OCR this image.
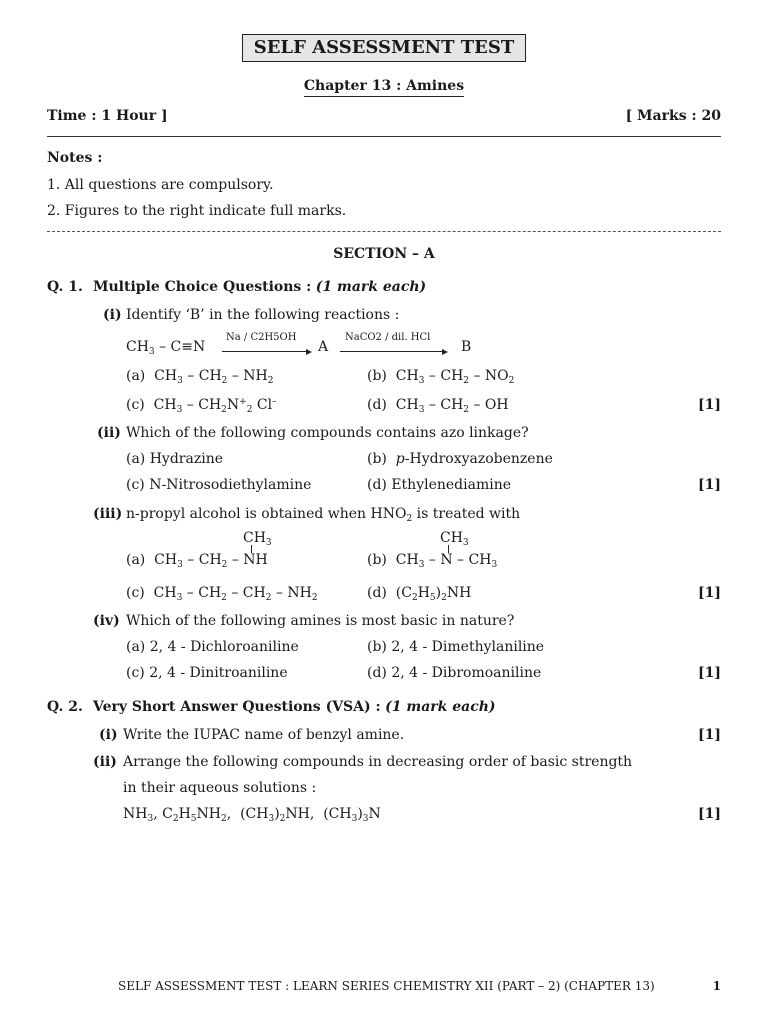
SELF ASSESSMENT TEST
Chapter 13 : Amines
Time : 1 Hour ]	[ Marks : 20
Notes :
1. All questions are compulsory.
2. Figures to the right indicate full marks.
SECTION – A
Q. 1. Multiple Choice Questions : (1 mark each)
(i) Identify ‘B’ in the following reactions :
$CH_3 - C\equiv N$
Na / C2H5OH
A
NaCO2 / dil. HCl
B
(a)  $CH_3 - CH_2 - NH_2$	(b)  $CH_3 - CH_2 - NO_2$
(c)  $CH_3 - CH_2N^+_2$ Cl–	(d)  $CH_3 - CH_2$ – OH	[1]
(ii) Which of the following compounds contains azo linkage?
(a) Hydrazine	(b)  p-Hydroxyazobenzene
(c) N-Nitrosodiethylamine	(d) Ethylenediamine	[1]
(iii) n-propyl alcohol is obtained when $HNO_2$ is treated with
$CH_3$
(a)  $CH_3 - CH_2$ – NH
$CH_3$
(b)  $CH_3$ – N – $CH_3$
(c)  $CH_3 - CH_2 - CH_2 - NH_2$	(d)  $(C_2H_5)_2NH$	[1]
(iv) Which of the following amines is most basic in nature?
(a) 2, 4 - Dichloroaniline	(b) 2, 4 - Dimethylaniline
(c) 2, 4 - Dinitroaniline	(d) 2, 4 - Dibromoaniline	[1]
Q. 2. Very Short Answer Questions (VSA) : (1 mark each)
(i) Write the IUPAC name of benzyl amine.	[1]
(ii) Arrange the following compounds in decreasing order of basic strength
in their aqueous solutions :
$NH_3$, $C_2H_5NH_2$,  $(CH_3)_2NH$,  $(CH_3)_3N$	[1]
SELF ASSESSMENT TEST : LEARN SERIES CHEMISTRY XII (PART – 2) (CHAPTER 13)	1
